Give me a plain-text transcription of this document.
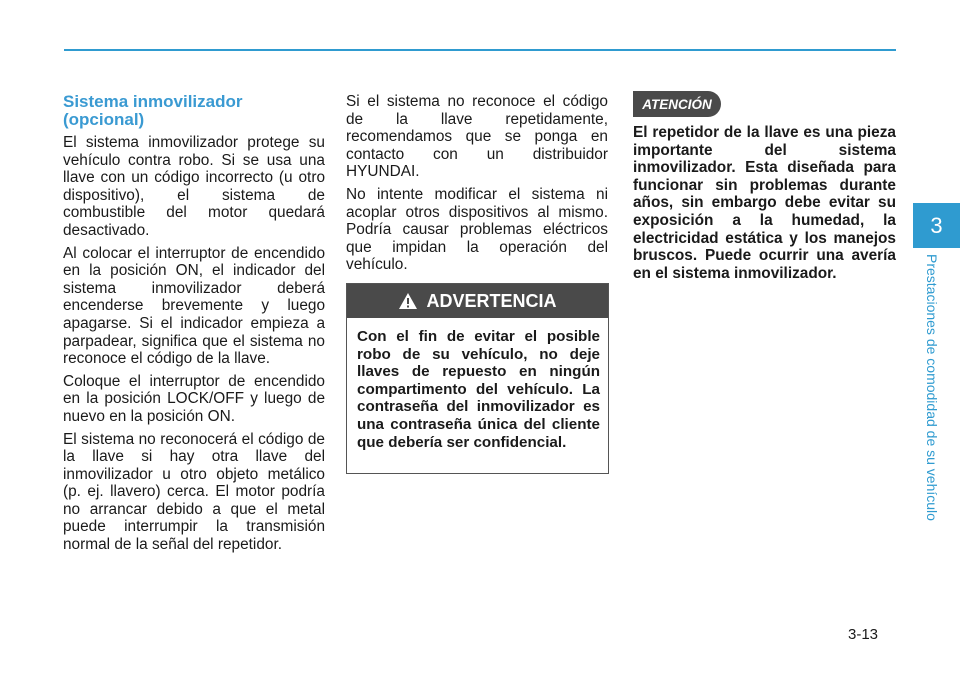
Sistema inmovilizador (opcional)

El sistema inmovilizador protege su vehículo contra robo. Si se usa una llave con un código incorrecto (u otro dispositivo), el sistema de combustible del motor quedará desactivado.

Al colocar el interruptor de encendido en la posición ON, el indicador del sistema inmovilizador deberá encenderse brevemente y luego apagarse. Si el indicador empieza a parpadear, significa que el sistema no reconoce el código de la llave.

Coloque el interruptor de encendido en la posición LOCK/OFF y luego de nuevo en la posición ON.

El sistema no reconocerá el código de la llave si hay otra llave del inmovilizador u otro objeto metálico (p. ej. llavero) cerca. El motor podría no arrancar debido a que el metal puede interrumpir la transmisión normal de la señal del repetidor.

Si el sistema no reconoce el código de la llave repetidamente, recomendamos que se ponga en contacto con un distribuidor HYUNDAI.

No intente modificar el sistema ni acoplar otros dispositivos al mismo. Podría causar problemas eléctricos que impidan la operación del vehículo.

ADVERTENCIA
Con el fin de evitar el posible robo de su vehículo, no deje llaves de repuesto en ningún compartimento del vehículo. La contraseña del inmovilizador es una contraseña única del cliente que debería ser confidencial.
ATENCIÓN
El repetidor de la llave es una pieza importante del sistema inmovilizador. Esta diseñada para funcionar sin problemas durante años, sin embargo debe evitar su exposición a la humedad, la electricidad estática y los manejos bruscos. Puede ocurrir una avería en el sistema inmovilizador.
3
Prestaciones de comodidad de su vehículo
3-13
